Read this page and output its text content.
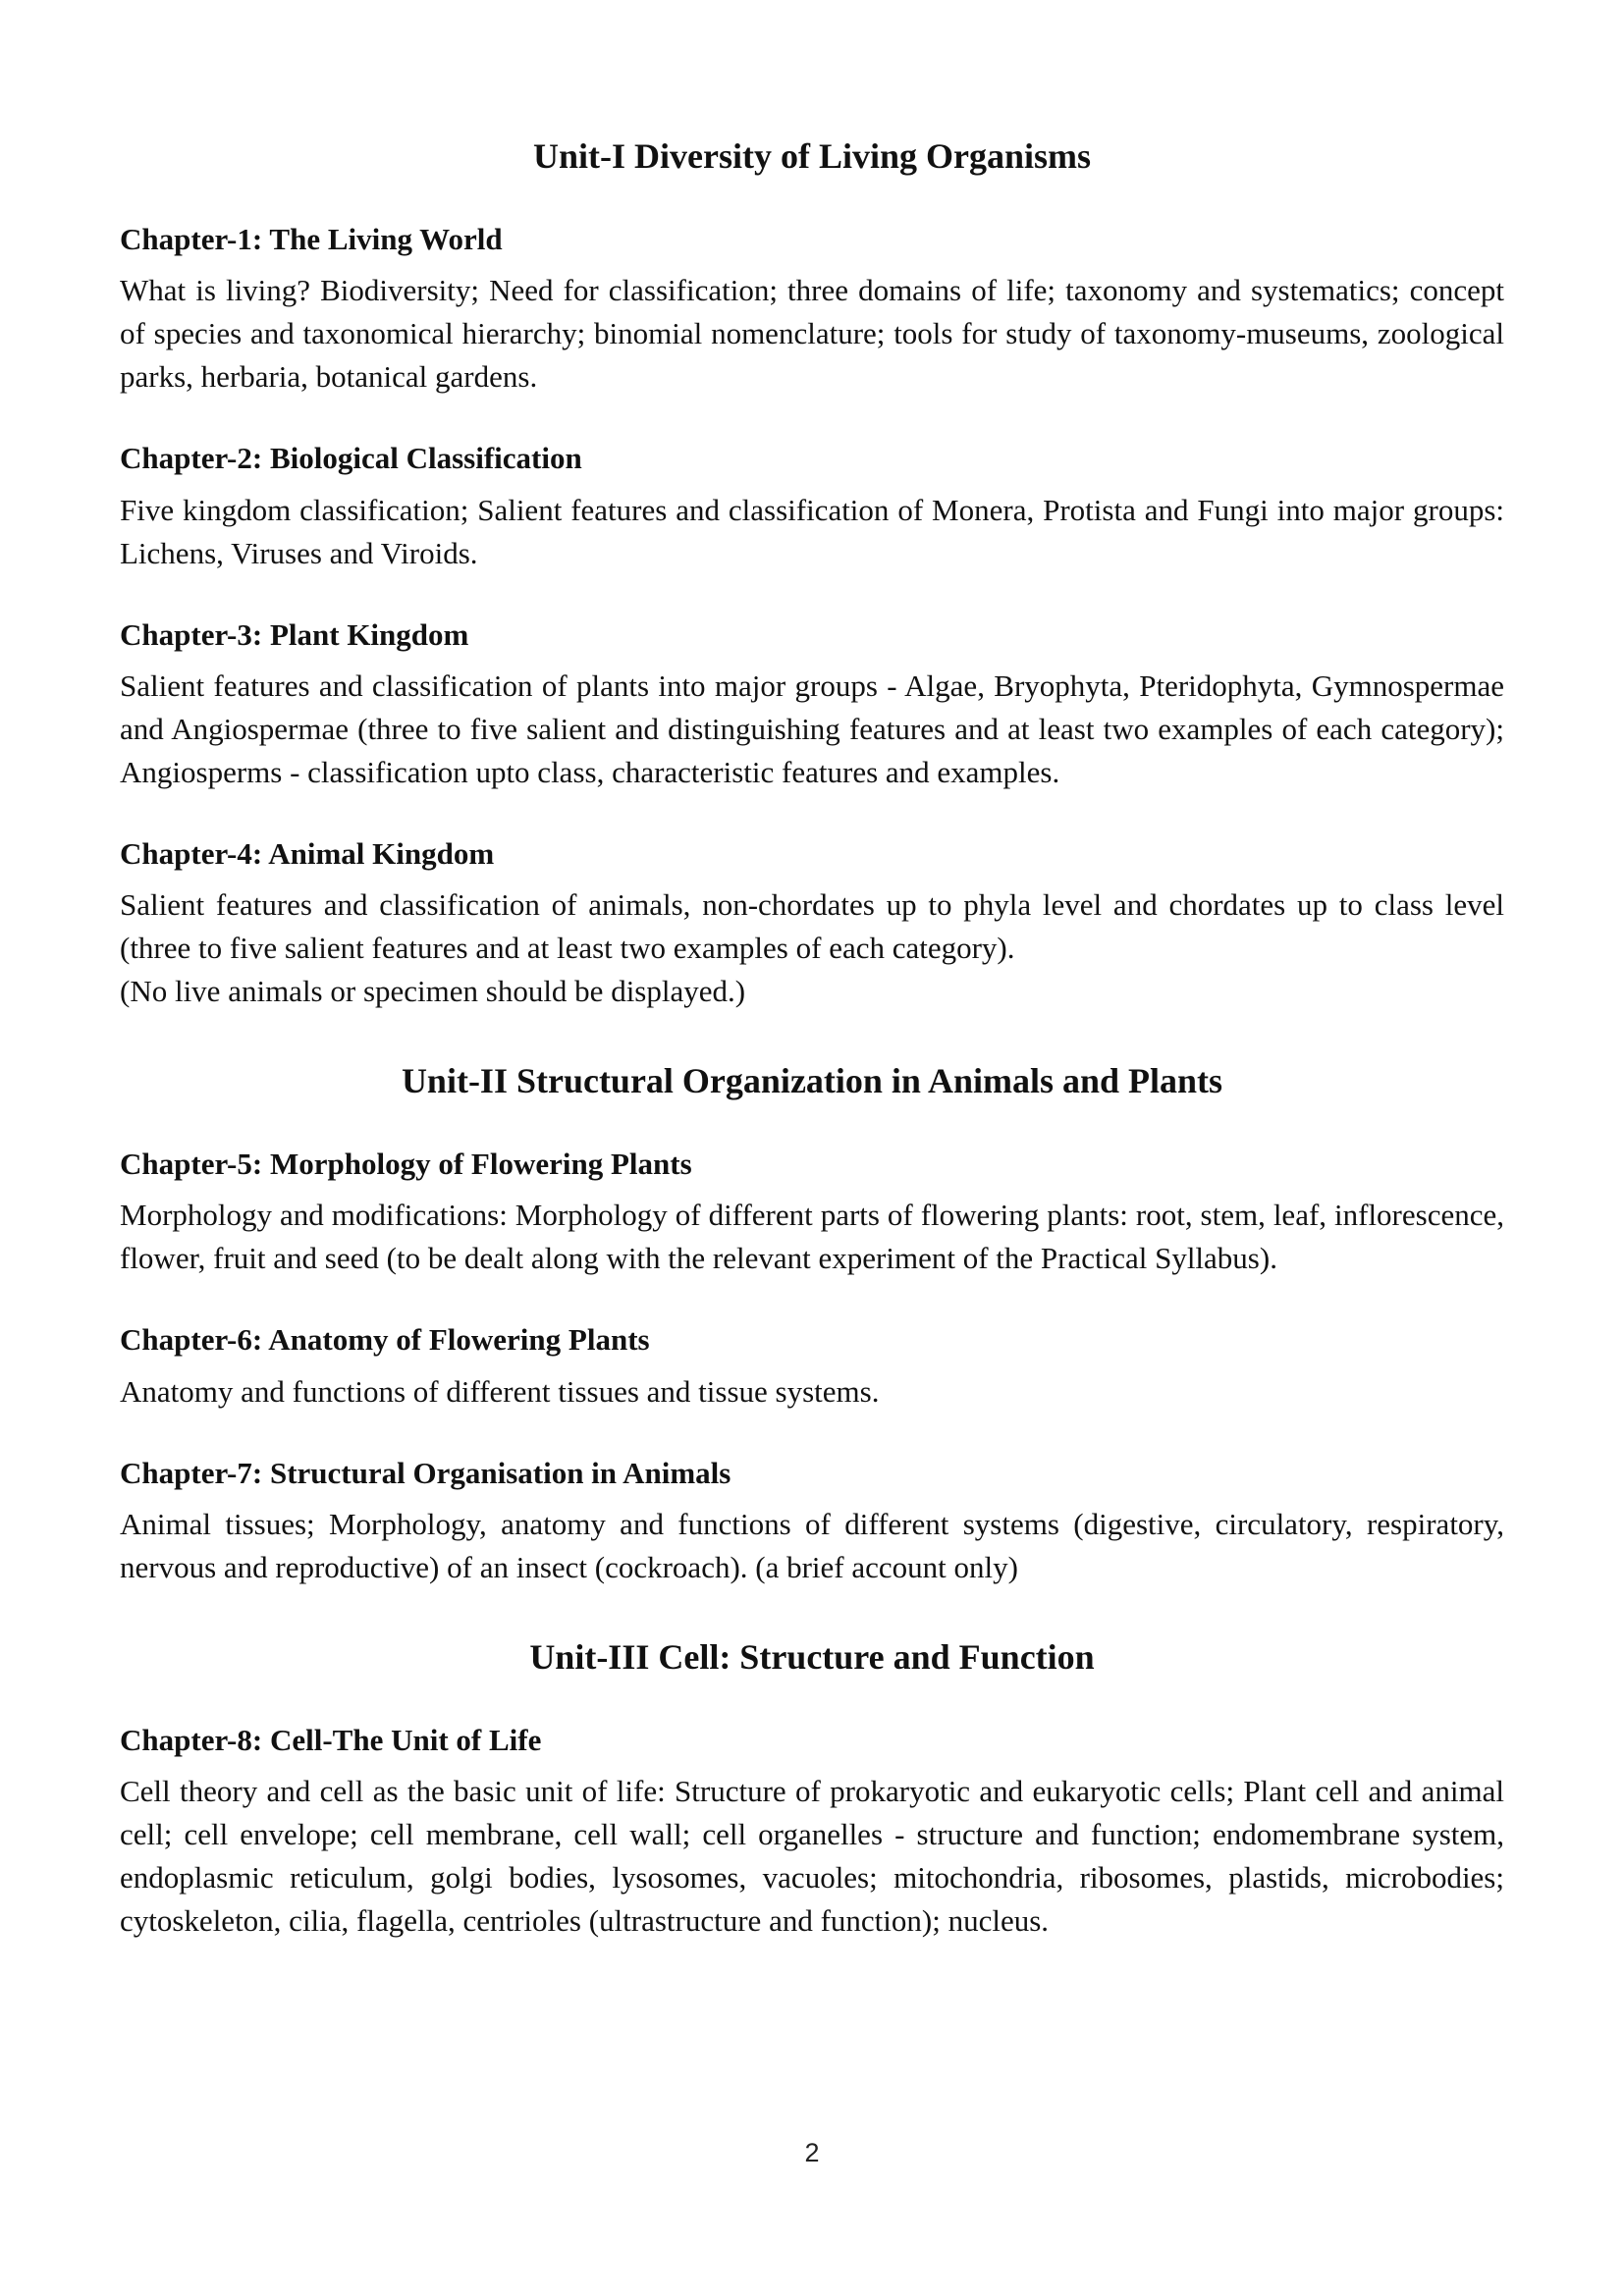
Unit-I Diversity of Living Organisms
Chapter-1: The Living World

What is living? Biodiversity; Need for classification; three domains of life; taxonomy and systematics; concept of species and taxonomical hierarchy; binomial nomenclature; tools for study of taxonomy-museums, zoological parks, herbaria, botanical gardens.

Chapter-2: Biological Classification

Five kingdom classification; Salient features and classification of Monera, Protista and Fungi into major groups: Lichens, Viruses and Viroids.

Chapter-3: Plant Kingdom

Salient features and classification of plants into major groups - Algae, Bryophyta, Pteridophyta, Gymnospermae and Angiospermae (three to five salient and distinguishing features and at least two examples of each category); Angiosperms - classification upto class, characteristic features and examples.

Chapter-4: Animal Kingdom
Salient features and classification of animals, non-chordates up to phyla level and chordates up to class level (three to five salient features and at least two examples of each category).
(No live animals or specimen should be displayed.)
Unit-II Structural Organization in Animals and Plants
Chapter-5: Morphology of Flowering Plants

Morphology and modifications: Morphology of different parts of flowering plants: root, stem, leaf, inflorescence, flower, fruit and seed (to be dealt along with the relevant experiment of the Practical Syllabus).

Chapter-6: Anatomy of Flowering Plants

Anatomy and functions of different tissues and tissue systems.

Chapter-7: Structural Organisation in Animals

Animal tissues; Morphology, anatomy and functions of different systems (digestive, circulatory, respiratory, nervous and reproductive) of an insect (cockroach). (a brief account only)

Unit-III Cell: Structure and Function
Chapter-8: Cell-The Unit of Life

Cell theory and cell as the basic unit of life: Structure of prokaryotic and eukaryotic cells; Plant cell and animal cell; cell envelope; cell membrane, cell wall; cell organelles - structure and function; endomembrane system, endoplasmic reticulum, golgi bodies, lysosomes, vacuoles; mitochondria, ribosomes, plastids, microbodies; cytoskeleton, cilia, flagella, centrioles (ultrastructure and function); nucleus.

2
